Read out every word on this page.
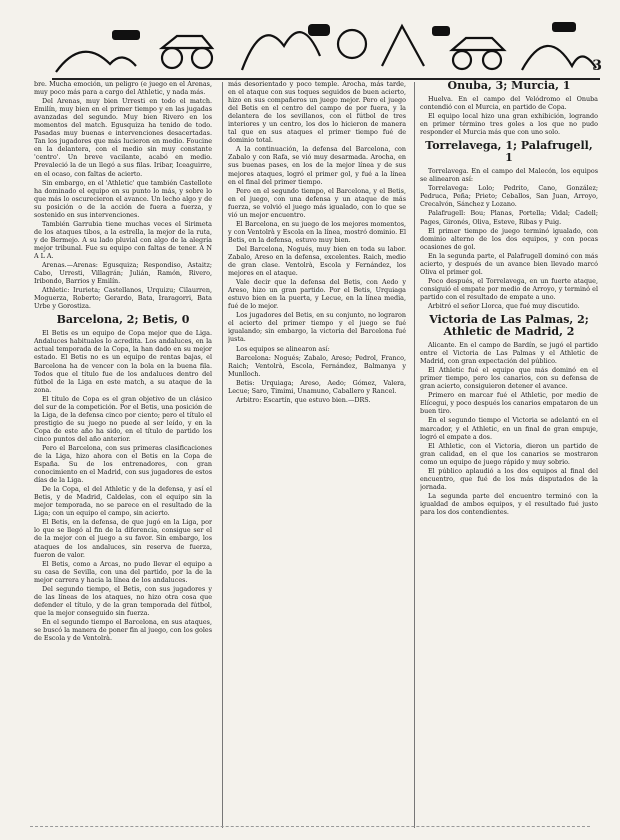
3

bre. Mucha emoción, un peligro (e juego en el Arenas, muy poco más para a cargo del Athletic, y nada más.

Del Arenas, muy bien Urresti en todo el match. Emilín, muy bien en el primer tiempo y en las jugadas avanzadas del segundo. Muy bien Rivero en los momentos del match. Egusquiza ha tenido de todo. Pasadas muy buenas e intervenciones desacertadas. Tan los jugadores que más lucieron en medio. Foucine en la delantera, con el medio sin muy constante 'centro'. Un breve vacilante, acabó en medio. Prevaleció la de un llegó a sus filas. Iribar, Iceaguirre, en el ocaso, con faltas de acierto.

Sin embargo, en el 'Athletic' que también Castellote ha dominado el equipo en su punto lo más, y sobre lo que más lo oscurecieron el avance. Un lecho algo y de su posición o de la acción de fuera a fuerza, y sostenido en sus intervenciones.

También Garrubia tiene muchas veces el Sirimeta de los ataques tibos, a la estrella, la mejor de la ruta, y de Bermejo. A su lado pluvial con algo de la alegría mejor tribunal. Fue su equipo con faltas de tener. A N A L A.

Arenas.—Arenas: Egusquiza; Respondiso, Astaitz; Cabo, Urresti, Villagrán; Julián, Ramón, Rivero, Iribondo, Barrios y Emilín.

Athletic: Irurieta; Castellanos, Urquizu; Cilaurren, Moguerza, Roberto; Gerardo, Bata, Iraragorri, Bata Urbe y Gorostiza.

Barcelona, 2; Betis, 0

El Betis es un equipo de Copa mejor que de Liga. Andaluces habituales lo acredita. Los andaluces, en la actual temporada de la Copa, la han dado en su mejor estado. El Betis no es un equipo de rentas bajas, el Barcelona ha de vencer con la bola en la buena fila. Todos que el título fue de los andaluces dentro del fútbol de la Liga en este match, a su ataque de la zona.

El título de Copa es el gran objetivo de un clásico del sur de la competición. Por el Betis, una posición de la Liga, de la defensa cinco por ciento; pero el título el prestigio de su juego no puede al ser leído, y en la Copa de este año ha sido, en el título de partido los cinco puntos del año anterior.

Pero el Barcelona, con sus primeras clasificaciones de la Liga, hizo ahora con el Betis en la Copa de España. Su de los entrenadores, con gran conocimiento en el Madrid, con sus jugadores de estos días de la Liga.

De la Copa, el del Athletic y de la defensa, y así el Betis, y de Madrid, Caldelas, con el equipo sin la mejor temporada, no se parece en el resultado de la Liga; con un equipo el campo, sin acierto.

El Betis, en la defensa, de que jugó en la Liga, por lo que se llegó al fin de la diferencia, consigue ser el de la mejor con el juego a su favor. Sin embargo, los ataques de los andaluces, sin reserva de fuerza, fueron de valor.

El Betis, como a Arcas, no pudo llevar el equipo a su casa de Sevilla, con una del partido, por la de la mejor carrera y hacia la línea de los andaluces.

Del segundo tiempo, el Betis, con sus jugadores y de las líneas de los ataques, no hizo otra cosa que defender el título, y de la gran temporada del fútbol, que la mejor conseguido sin fuerza.

En el segundo tiempo el Barcelona, en sus ataques, se buscó la manera de poner fin al juego, con los goles de Escola y de Ventolrà.

más desorientado y poco temple. Arocha, más tarde, en el ataque con sus toques seguidos de buen acierto, hizo en sus compañeros un juego mejor. Pero el juego del Betis en el centro del campo de por fuera, y la delantera de los sevillanos, con el fútbol de tres interiores y un centro, los dos lo hicieron de manera tal que en sus ataques el primer tiempo fué de dominio total.

A la continuación, la defensa del Barcelona, con Zabalo y con Rafa, se vió muy desarmada. Arocha, en sus buenas pases, en los de la mejor línea y de sus mejores ataques, logró el primer gol, y fué a la línea en el final del primer tiempo.

Pero en el segundo tiempo, el Barcelona, y el Betis, en el juego, con una defensa y un ataque de más fuerza, se volvió el juego más igualado, con lo que se vió un mejor encuentro.

El Barcelona, en su juego de los mejores momentos, y con Ventolrà y Escola en la línea, mostró dominio. El Betis, en la defensa, estuvo muy bien.

Del Barcelona, Nogués, muy bien en toda su labor. Zabalo, Areso en la defensa, excelentes. Raich, medio de gran clase. Ventolrà, Escola y Fernández, los mejores en el ataque.

Vale decir que la defensa del Betis, con Aedo y Areso, hizo un gran partido. Por el Betis, Urquiaga estuvo bien en la puerta, y Lecue, en la línea media, fué de lo mejor.

Los jugadores del Betis, en su conjunto, no lograron el acierto del primer tiempo y el juego se fué igualando; sin embargo, la victoria del Barcelona fué justa.

Los equipos se alinearon así:

Barcelona: Nogués; Zabalo, Areso; Pedrol, Franco, Raich; Ventolrà, Escola, Fernández, Balmanya y Munlloch.

Betis: Urquiaga; Areso, Aedo; Gómez, Valera, Lecue; Saro, Timimi, Unamuno, Caballero y Rancel.

Arbitro: Escartín, que estuvo bien.—DRS.

Onuba, 3; Murcia, 1

Huelva. En el campo del Velódromo el Onuba contendió con el Murcia, en partido de Copa.

El equipo local hizo una gran exhibición, logrando en primer término tres goles a los que no pudo responder el Murcia más que con uno solo.

Torrelavega, 1; Palafrugell, 1

Torrelavega. En el campo del Malecón, los equipos se alinearon así:

Torrelavega: Lolo; Pedrito, Cano, González; Pedruca, Peña; Prieto; Ceballos, San Juan, Arroyo, Crecalvón, Sánchez y Lozano.

Palafrugell: Bou; Planas, Portella; Vidal; Cadell; Pages, Gironés, Oliva, Esteve, Ribas y Puig.

El primer tiempo de juego terminó igualado, con dominio alterno de los dos equipos, y con pocas ocasiones de gol.

En la segunda parte, el Palafrugell dominó con más acierto, y después de un avance bien llevado marcó Oliva el primer gol.

Poco después, el Torrelavega, en un fuerte ataque, consiguió el empate por medio de Arroyo, y terminó el partido con el resultado de empate a uno.

Arbitró el señor Llorca, que fué muy discutido.

Victoria de Las Palmas, 2; Athletic de Madrid, 2

Alicante. En el campo de Bardín, se jugó el partido entre el Victoria de Las Palmas y el Athletic de Madrid, con gran expectación del público.

El Athletic fué el equipo que más dominó en el primer tiempo, pero los canarios, con su defensa de gran acierto, consiguieron detener el avance.

Primero en marcar fué el Athletic, por medio de Elícegui, y poco después los canarios empataron de un buen tiro.

En el segundo tiempo el Victoria se adelantó en el marcador, y el Athletic, en un final de gran empuje, logró el empate a dos.

El Athletic, con el Victoria, dieron un partido de gran calidad, en el que los canarios se mostraron como un equipo de juego rápido y muy sobrio.

El público aplaudió a los dos equipos al final del encuentro, que fué de los más disputados de la jornada.

La segunda parte del encuentro terminó con la igualdad de ambos equipos, y el resultado fué justo para los dos contendientes.
